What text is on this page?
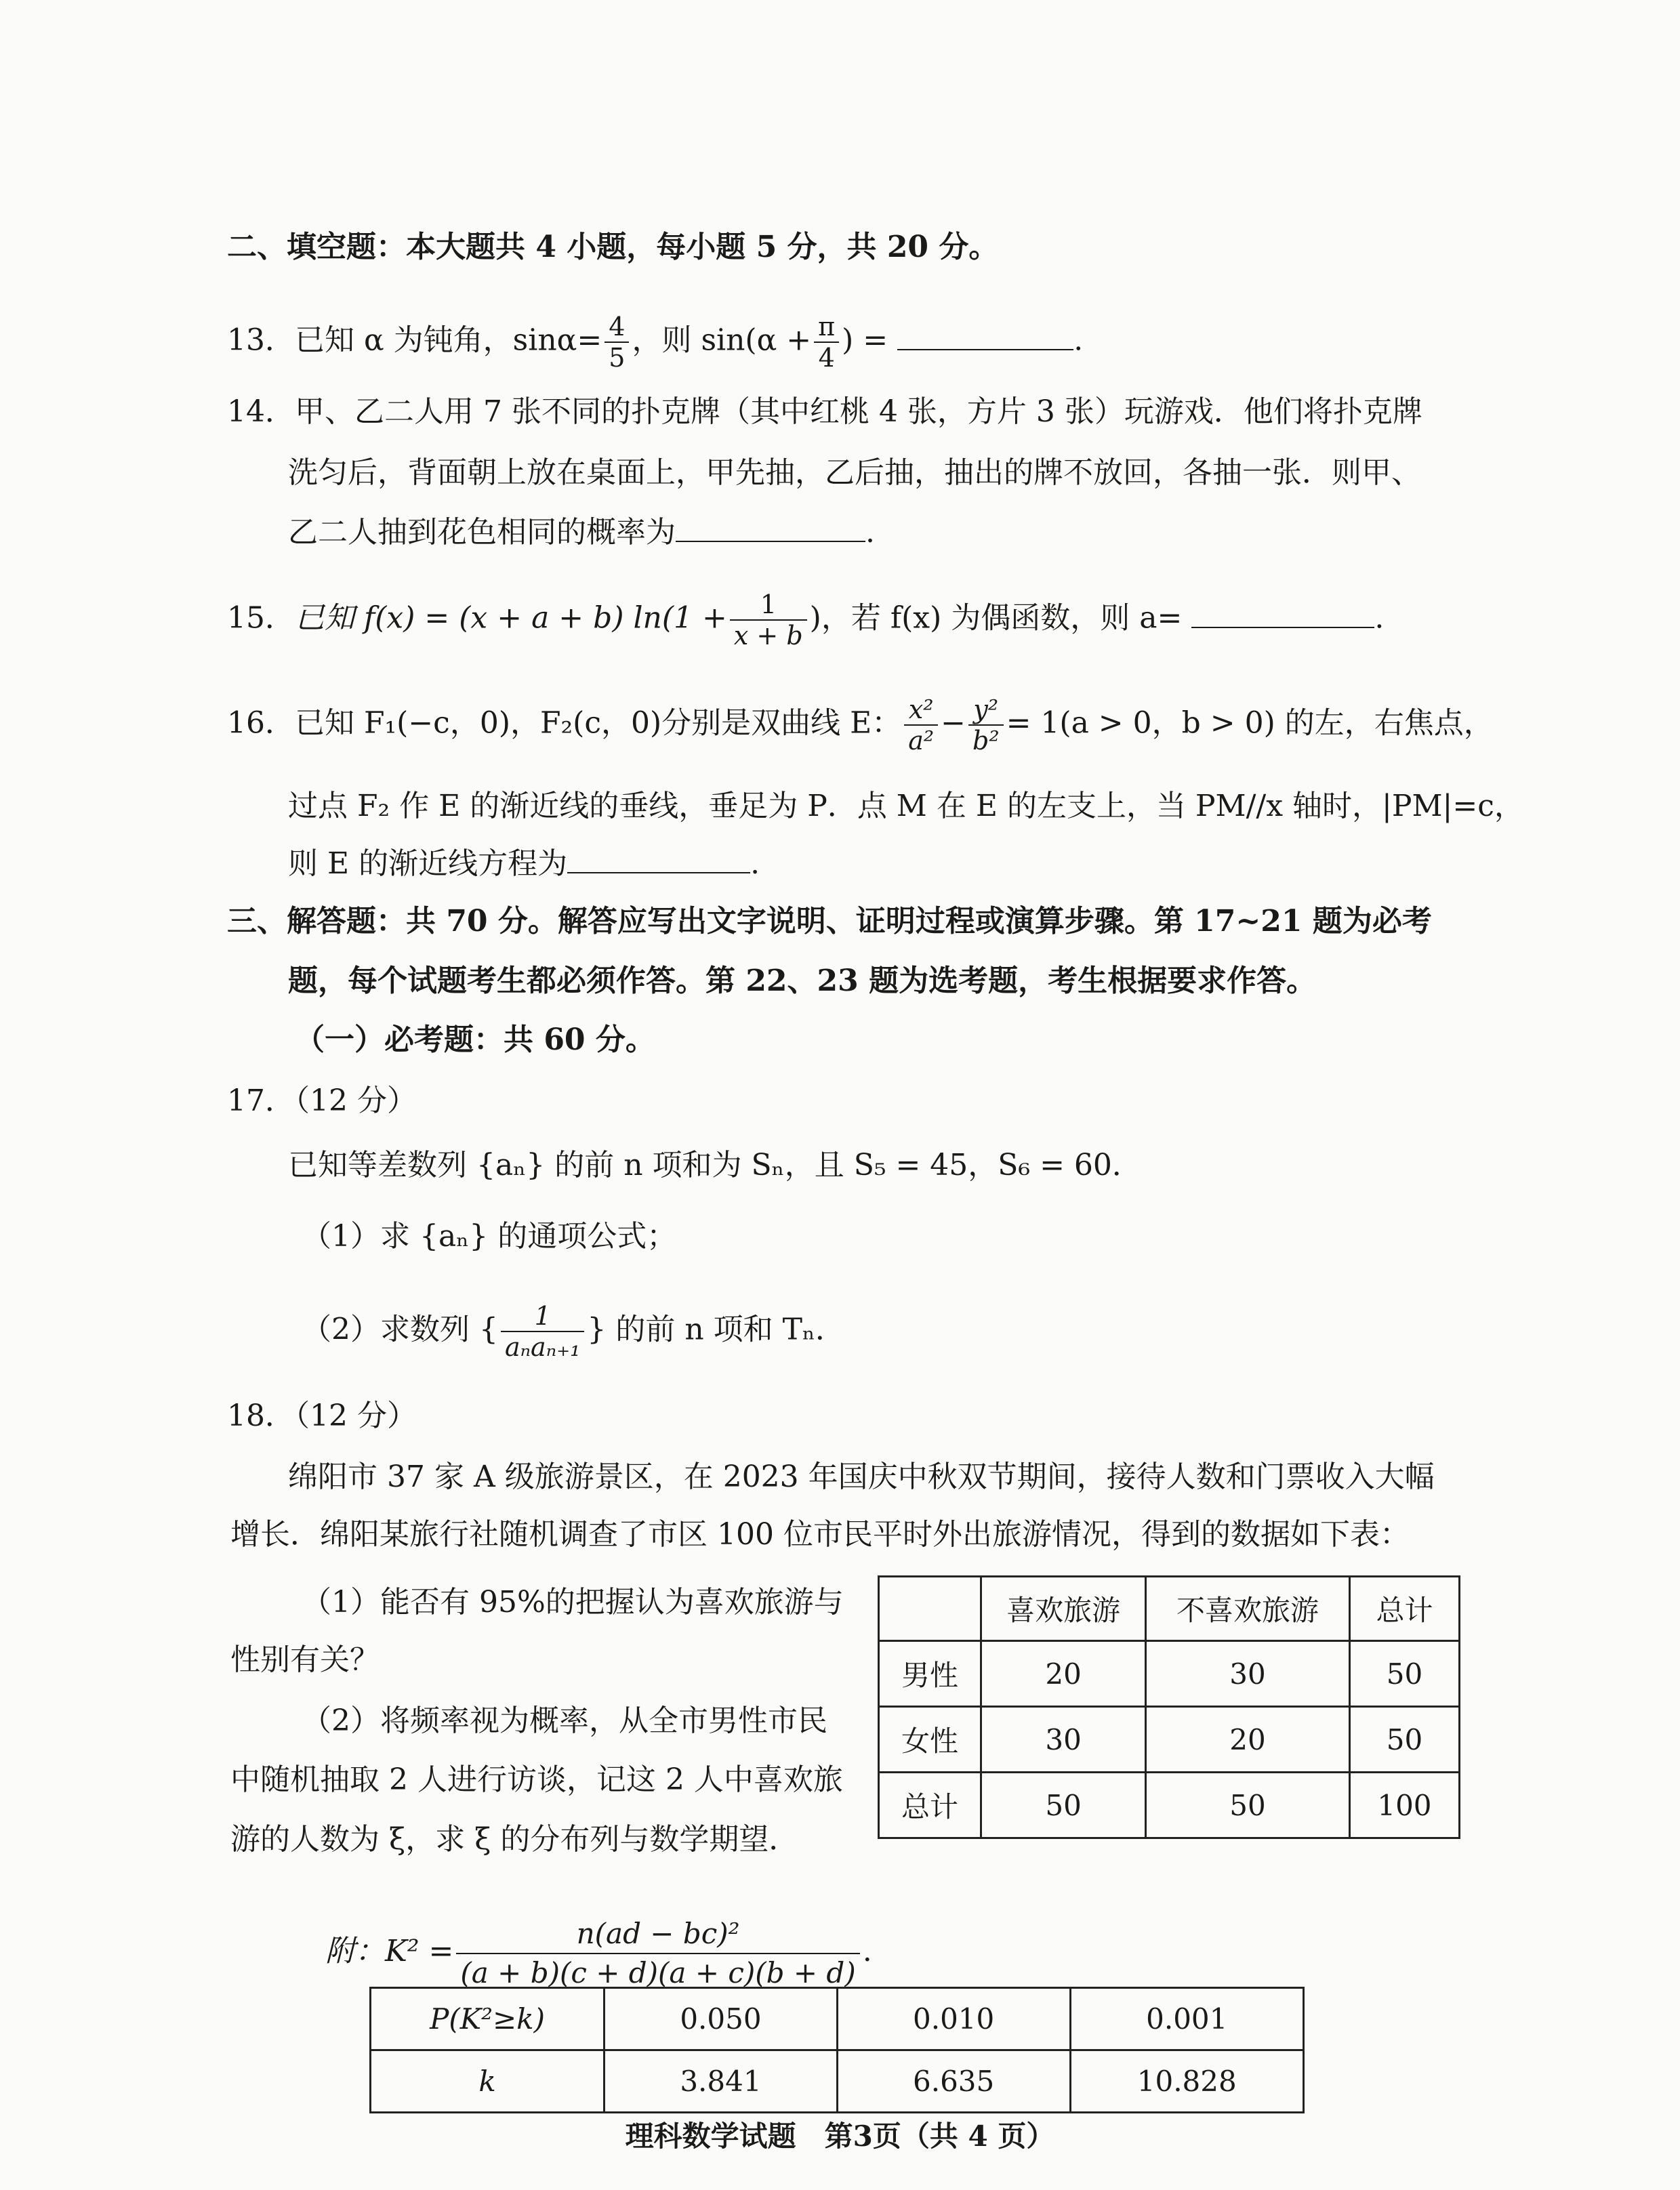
二、填空题：本大题共 4 小题，每小题 5 分，共 20 分。
13．已知 α 为钝角，$\sin\alpha= \frac{4}{5}$ ，则 $\sin(\alpha + \frac{\pi}{4}$ ) =	.
14．甲、乙二人用 7 张不同的扑克牌（其中红桃 4 张，方片 3 张）玩游戏．他们将扑克牌
洗匀后，背面朝上放在桌面上，甲先抽，乙后抽，抽出的牌不放回，各抽一张．则甲、
乙二人抽到花色相同的概率为	.
15．已知 f(x) = (x + a + b) $\ln(1 + \frac{1}{x + b}$ )，若 f(x) 为偶函数，则 a=	.
16．已知 F₁(−c，0)，F₂(c，0)分别是双曲线 E： $\frac{\text{x²}}{\text{a²}} - \frac{\text{y²}}{\text{b²}} = 1(a > 0$，b > 0) 的左，右焦点，
过点 F₂ 作 E 的渐近线的垂线，垂足为 P．点 M 在 E 的左支上，当 PM//x 轴时，|PM|=c，
则 E 的渐近线方程为	.
三、解答题：共 70 分。解答应写出文字说明、证明过程或演算步骤。第 17~21 题为必考
题，每个试题考生都必须作答。第 22、23 题为选考题，考生根据要求作答。
（一）必考题：共 60 分。
17．（12 分）
已知等差数列 {aₙ} 的前 n 项和为 Sₙ，且 S₅ = 45，S₆ = 60．
（1）求 {aₙ} 的通项公式；
（2）求数列 { $\frac{1}{\text{aₙaₙ₊₁}}$ } 的前 n 项和 Tₙ．
18．（12 分）
绵阳市 37 家 A 级旅游景区，在 2023 年国庆中秋双节期间，接待人数和门票收入大幅
增长．绵阳某旅行社随机调查了市区 100 位市民平时外出旅游情况，得到的数据如下表：
（1）能否有 95%的把握认为喜欢旅游与
性别有关？
（2）将频率视为概率，从全市男性市民
中随机抽取 2 人进行访谈，记这 2 人中喜欢旅
游的人数为 ξ，求 ξ 的分布列与数学期望．
	喜欢旅游	不喜欢旅游	总计
男性	20	30	50
女性	30	20	50
总计	50	50	100
附：$K^2 = \frac{\text{n(ad − bc)²}}{(a + b)(c + d)(a + c)(b + d)}$ .
P(K²≥k)	0.050	0.010	0.001
k	3.841	6.635	10.828
理科数学试题　第3页（共 4 页）
